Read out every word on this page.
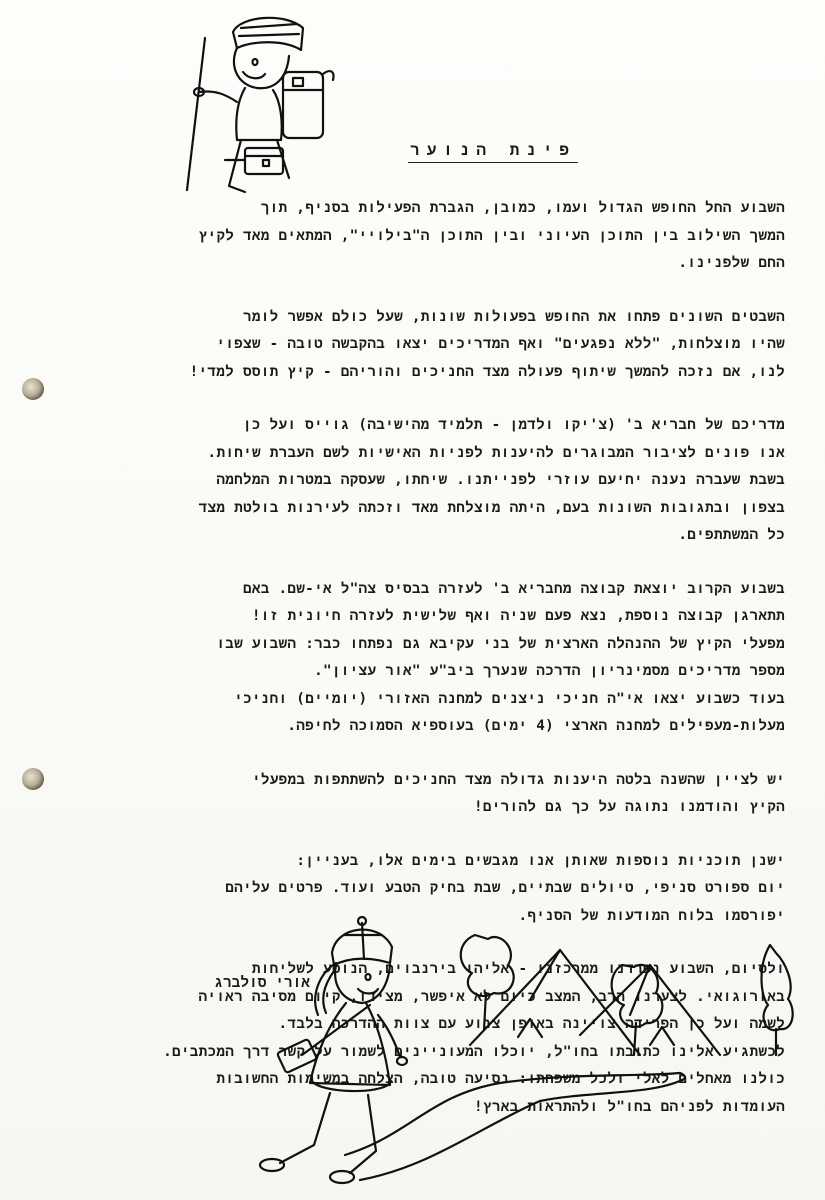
פינת הנוער

השבוע החל החופש הגדול ועמו, כמובן, הגברת הפעילות בסניף, תוך
המשך השילוב בין התוכן העיוני ובין התוכן ה"בילויי", המתאים מאד לקיץ
החם שלפנינו.

השבטים השונים פתחו את החופש בפעולות שונות, שעל כולם אפשר לומר
שהיו מוצלחות, "ללא נפגעים" ואף המדריכים יצאו בהקבשה טובה - שצפוי
לנו, אם נזכה להמשך שיתוף פעולה מצד החניכים והוריהם - קיץ תוסס למדי!

מדריכם של חבריא ב' (צ'יקו ולדמן - תלמיד מהישיבה) גוייס ועל כן
אנו פונים לציבור המבוגרים להיענות לפניות האישיות לשם העברת שיחות.
בשבת שעברה נענה יחיעם עוזרי לפנייתנו. שיחתו, שעסקה במטרות המלחמה
בצפון ובתגובות השונות בעם, היתה מוצלחת מאד וזכתה לעירנות בולטת מצד
כל המשתתפים.

בשבוע הקרוב יוצאת קבוצה מחבריא ב' לעזרה בבסיס צה"ל אי-שם. באם
תתארגן קבוצה נוספת, נצא פעם שניה ואף שלישית לעזרה חיונית זו!
מפעלי הקיץ של ההנהלה הארצית של בני עקיבא גם נפתחו כבר: השבוע שבו
מספר מדריכים מסמינריון הדרכה שנערך ביב"ע "אור עציון".
בעוד כשבוע יצאו אי"ה חניכי ניצנים למחנה האזורי (יומיים) וחניכי
מעלות-מעפילים למחנה הארצי (4 ימים) בעוספיא הסמוכה לחיפה.

יש לציין שהשנה בלטה היענות גדולה מצד החניכים להשתתפות במפעלי
הקיץ והודמנו נתוגה על כך גם להורים!

ישנן תוכניות נוספות שאותן אנו מגבשים בימים אלו, בעניין:
יום ספורט סניפי, טיולים שבתיים, שבת בחיק הטבע ועוד. פרטים עליהם
יפורסמו בלוח המודעות של הסניף.

ולסיום, השבוע נפרדנו ממרכזנו - אליהו בירנבוים, הנוסע לשליחות
באורוגואי. לצערנו הרב, המצב כיום לא איפשר, מצידו, קיום מסיבה ראויה
לשמה ועל כן הפרידה צויינה באופן צנוע עם צוות ההדרכה בלבד.
לכשתגיע אלינו כתובתו בחו"ל, יוכלו המעוניינים לשמור על קשר דרך המכתבים.
כולנו מאחלים לאלי ולכל משפחתו: נסיעה טובה, הצלחה במשימות החשובות
העומדות לפניהם בחו"ל ולהתראות בארץ!

אורי סולברג
